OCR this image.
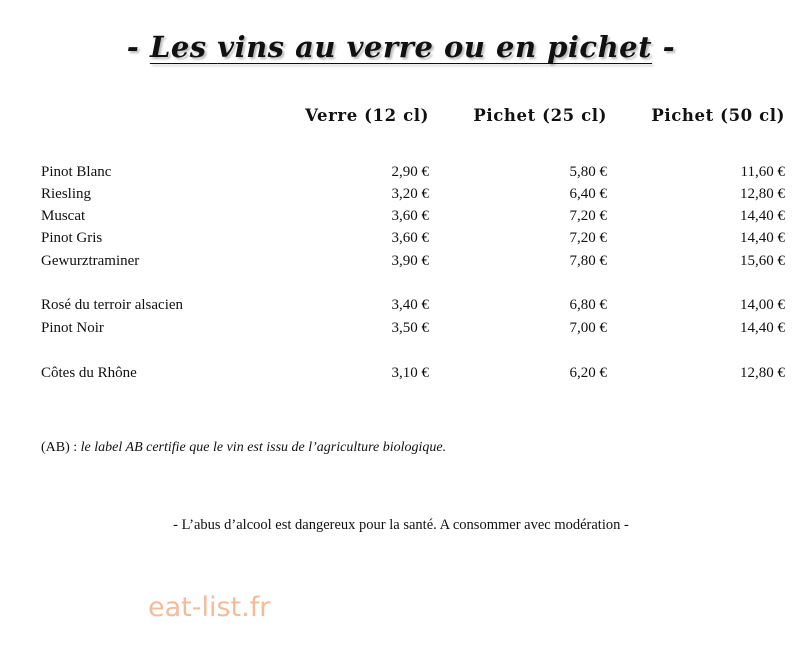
- Les vins au verre ou en pichet -
Verre (12 cl)	Pichet (25 cl)	Pichet (50 cl)
Pinot Blanc	2,90 €	5,80 €	11,60 €
Riesling	3,20 €	6,40 €	12,80 €
Muscat	3,60 €	7,20 €	14,40 €
Pinot Gris	3,60 €	7,20 €	14,40 €
Gewurztraminer	3,90 €	7,80 €	15,60 €
Rosé du terroir alsacien	3,40 €	6,80 €	14,00 €
Pinot Noir	3,50 €	7,00 €	14,40 €
Côtes du Rhône	3,10 €	6,20 €	12,80 €
(AB) : le label AB certifie que le vin est issu de l’agriculture biologique.
- L’abus d’alcool est dangereux pour la santé. A consommer avec modération -
eat-list.fr
